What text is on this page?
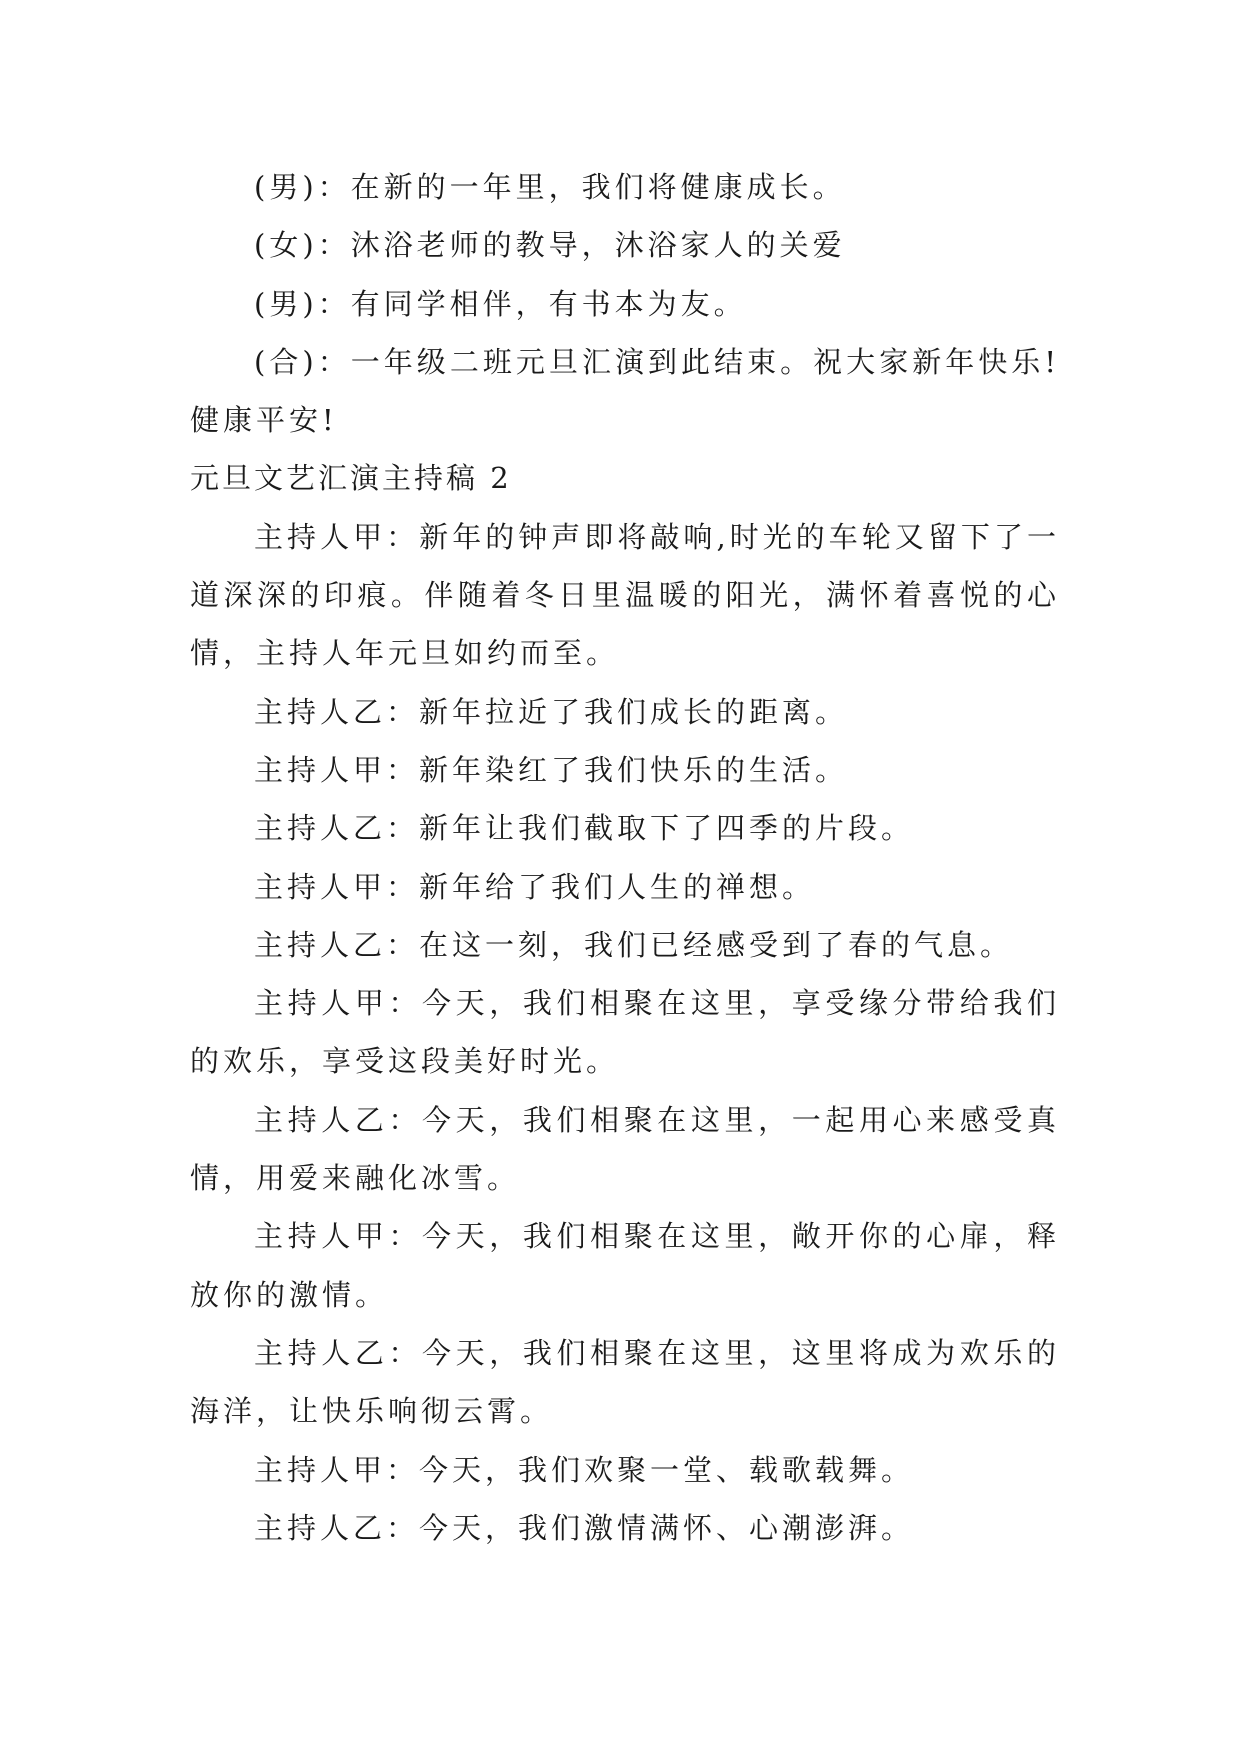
(男)：在新的一年里，我们将健康成长。

(女)：沐浴老师的教导，沐浴家人的关爱

(男)：有同学相伴，有书本为友。

(合)：一年级二班元旦汇演到此结束。祝大家新年快乐!健康平安!

元旦文艺汇演主持稿 2

主持人甲：新年的钟声即将敲响,时光的车轮又留下了一道深深的印痕。伴随着冬日里温暖的阳光，满怀着喜悦的心情，主持人年元旦如约而至。

主持人乙：新年拉近了我们成长的距离。

主持人甲：新年染红了我们快乐的生活。

主持人乙：新年让我们截取下了四季的片段。

主持人甲：新年给了我们人生的禅想。

主持人乙：在这一刻，我们已经感受到了春的气息。

主持人甲：今天，我们相聚在这里，享受缘分带给我们的欢乐，享受这段美好时光。

主持人乙：今天，我们相聚在这里，一起用心来感受真情，用爱来融化冰雪。

主持人甲：今天，我们相聚在这里，敞开你的心扉，释放你的激情。

主持人乙：今天，我们相聚在这里，这里将成为欢乐的海洋，让快乐响彻云霄。

主持人甲：今天，我们欢聚一堂、载歌载舞。

主持人乙：今天，我们激情满怀、心潮澎湃。
